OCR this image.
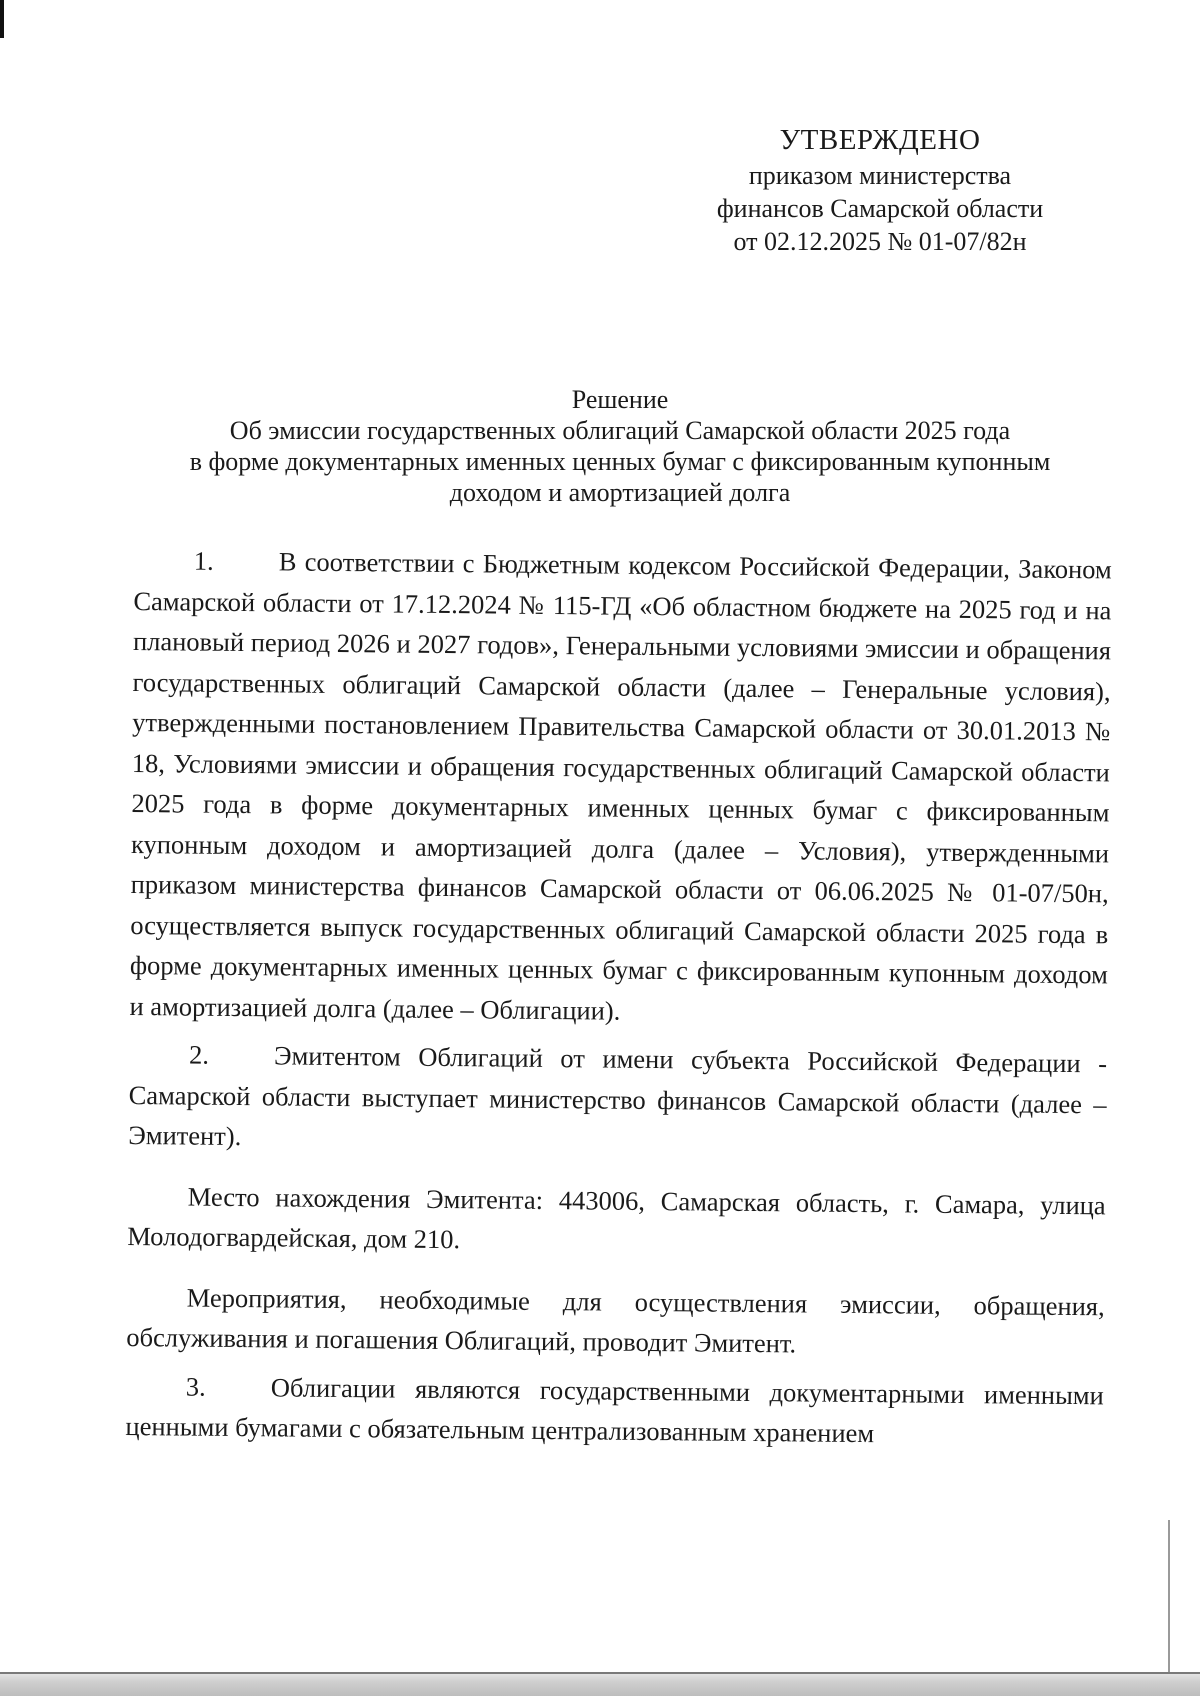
УТВЕРЖДЕНО
приказом министерства
финансов Самарской области
от 02.12.2025 № 01-07/82н
Решение
Об эмиссии государственных облигаций Самарской области 2025 года
в форме документарных именных ценных бумаг с фиксированным купонным
доходом и амортизацией долга

1. В соответствии с Бюджетным кодексом Российской Федерации, Законом Самарской области от 17.12.2024 № 115-ГД «Об областном бюджете на 2025 год и на плановый период 2026 и 2027 годов», Генеральными условиями эмиссии и обращения государственных облигаций Самарской области (далее – Генеральные условия), утвержденными постановлением Правительства Самарской области от 30.01.2013 № 18, Условиями эмиссии и обращения государственных облигаций Самарской области 2025 года в форме документарных именных ценных бумаг с фиксированным купонным доходом и амортизацией долга (далее – Условия), утвержденными приказом министерства финансов Самарской области от 06.06.2025 № 01-07/50н, осуществляется выпуск государственных облигаций Самарской области 2025 года в форме документарных именных ценных бумаг с фиксированным купонным доходом и амортизацией долга (далее – Облигации).

2. Эмитентом Облигаций от имени субъекта Российской Федерации - Самарской области выступает министерство финансов Самарской области (далее – Эмитент).

Место нахождения Эмитента: 443006, Самарская область, г. Самара, улица Молодогвардейская, дом 210.

Мероприятия, необходимые для осуществления эмиссии, обращения, обслуживания и погашения Облигаций, проводит Эмитент.

3. Облигации являются государственными документарными именными ценными бумагами с обязательным централизованным хранением
